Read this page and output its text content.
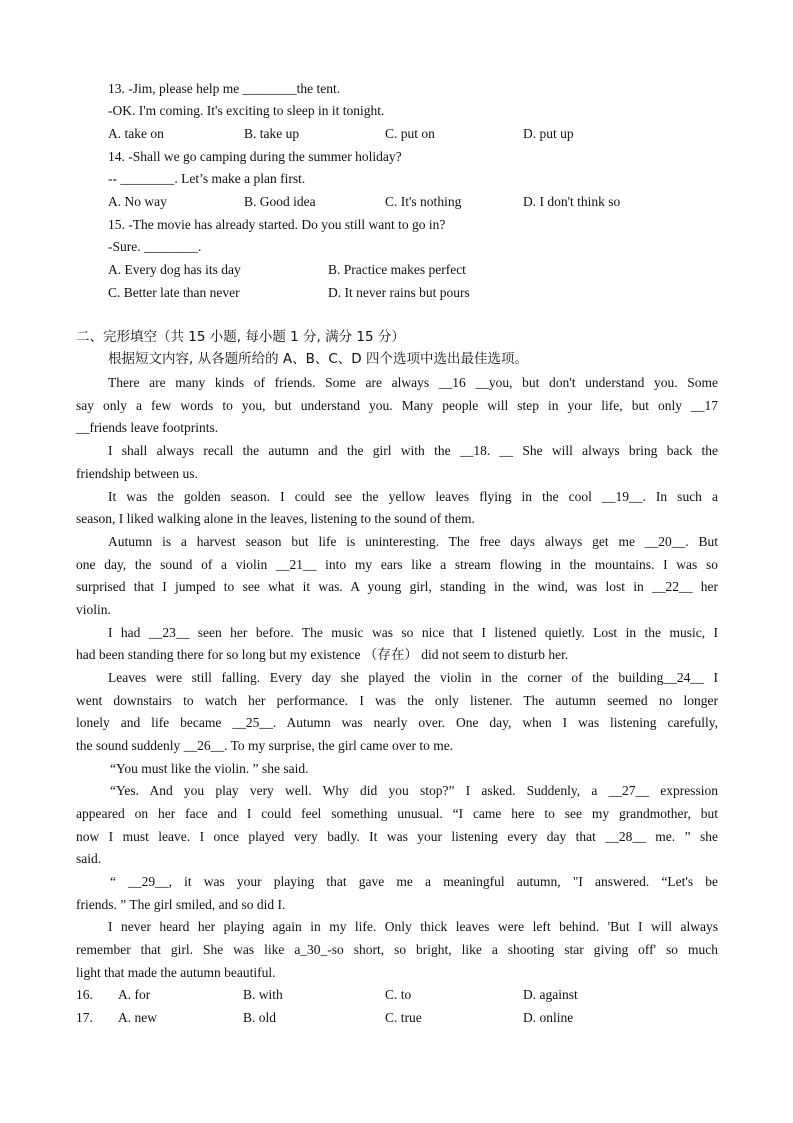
13. -Jim, please help me ________the tent.
-OK. I'm coming. It's exciting to sleep in it tonight.
A. take on	B. take up	C. put on	D. put up
14. -Shall we go camping during the summer holiday?
-- ________. Let’s make a plan first.
A. No way	B. Good idea	C. It's nothing	D. I don't think so
15. -The movie has already started. Do you still want to go in?
-Sure. ________.
A. Every dog has its day	B. Practice makes perfect
C. Better late than never	D. It never rains but pours
二、完形填空（共 15 小题, 每小题 1 分, 满分 15 分）
根据短文内容, 从各题所给的 A、B、C、D 四个选项中选出最佳选项。
There are many kinds of friends. Some are always __16 __you, but don't understand you. Some
say only a few words to you, but understand you. Many people will step in your life, but only __17
__friends leave footprints.
I shall always recall the autumn and the girl with the __18. __ She will always bring back the
friendship between us.
It was the golden season. I could see the yellow leaves flying in the cool __19__. In such a
season, I liked walking alone in the leaves, listening to the sound of them.
Autumn is a harvest season but life is uninteresting. The free days always get me __20__. But
one day, the sound of a violin __21__ into my ears like a stream flowing in the mountains. I was so
surprised that I jumped to see what it was. A young girl, standing in the wind, was lost in __22__ her
violin.
I had __23__ seen her before. The music was so nice that I listened quietly. Lost in the music, I
had been standing there for so long but my existence （存在） did not seem to disturb her.
Leaves were still falling. Every day she played the violin in the corner of the building__24__ I
went downstairs to watch her performance. I was the only listener. The autumn seemed no longer
lonely and life became __25__. Autumn was nearly over. One day, when I was listening carefully,
the sound suddenly __26__. To my surprise, the girl came over to me.
“You must like the violin. ” she said.
“Yes. And you play very well. Why did you stop?” I asked. Suddenly, a __27__ expression
appeared on her face and I could feel something unusual. “I came here to see my grandmother, but
now I must leave. I once played very badly. It was your listening every day that __28__ me. ” she
said.
“ __29__, it was your playing that gave me a meaningful autumn, "I answered. “Let's be
friends. ” The girl smiled, and so did I.
I never heard her playing again in my life. Only thick leaves were left behind. 'But I will always
remember that girl. She was like a_30_-so short, so bright, like a shooting star giving off' so much
light that made the autumn beautiful.
16. A. for	B. with	C. to	D. against
17. A. new	B. old	C. true	D. online
